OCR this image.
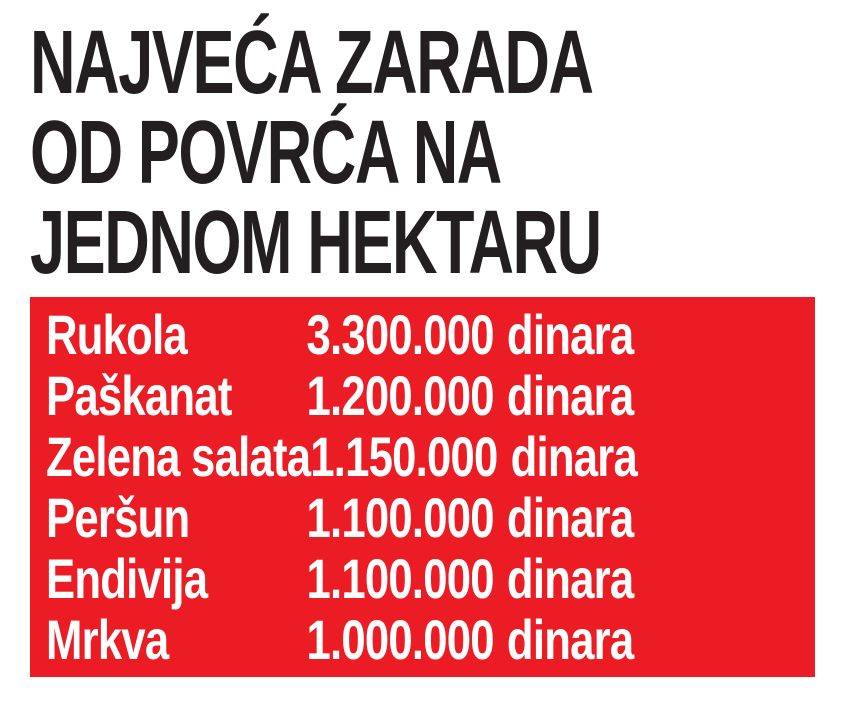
NAJVEĆA ZARADA
OD POVRĆA NA
JEDNOM HEKTARU
Rukola 3.300.000 dinara
Paškanat 1.200.000 dinara
Zelena salata 1.150.000 dinara
Peršun 1.100.000 dinara
Endivija 1.100.000 dinara
Mrkva 1.000.000 dinara
